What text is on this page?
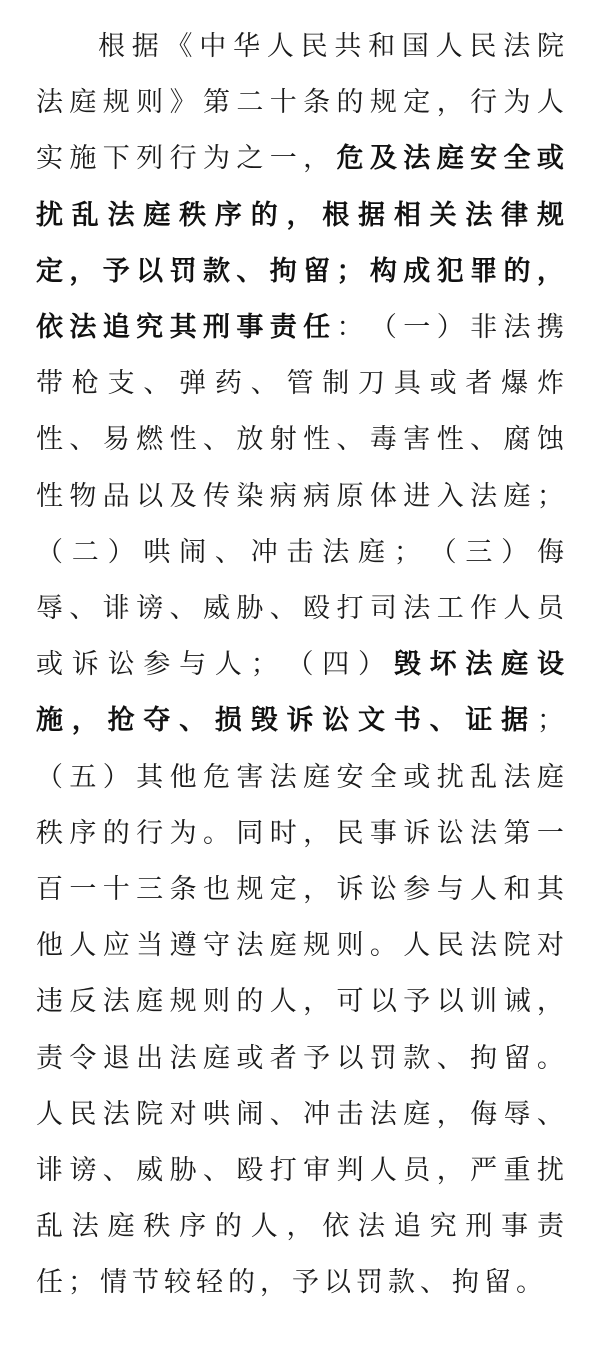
根 据 《 中 华 人 民 共 和 国 人 民 法 院
法 庭 规 则 》 第 二 十 条 的 规 定 ， 行 为 人
实 施 下 列 行 为 之 一 ， 危 及 法 庭 安 全 或
扰 乱 法 庭 秩 序 的 ， 根 据 相 关 法 律 规
定 ， 予 以 罚 款 、 拘 留 ； 构 成 犯 罪 的 ，
依 法 追 究 其 刑 事 责 任 ： （ 一 ） 非 法 携
带 枪 支 、 弹 药 、 管 制 刀 具 或 者 爆 炸
性 、 易 燃 性 、 放 射 性 、 毒 害 性 、 腐 蚀
性 物 品 以 及 传 染 病 病 原 体 进 入 法 庭 ；
（ 二 ） 哄 闹 、 冲 击 法 庭 ； （ 三 ） 侮
辱 、 诽 谤 、 威 胁 、 殴 打 司 法 工 作 人 员
或 诉 讼 参 与 人 ； （ 四 ） 毁 坏 法 庭 设
施 ， 抢 夺 、 损 毁 诉 讼 文 书 、 证 据 ；
（ 五 ） 其 他 危 害 法 庭 安 全 或 扰 乱 法 庭
秩 序 的 行 为 。 同 时 ， 民 事 诉 讼 法 第 一
百 一 十 三 条 也 规 定 ， 诉 讼 参 与 人 和 其
他 人 应 当 遵 守 法 庭 规 则 。 人 民 法 院 对
违 反 法 庭 规 则 的 人 ， 可 以 予 以 训 诫 ，
责 令 退 出 法 庭 或 者 予 以 罚 款 、 拘 留 。
人 民 法 院 对 哄 闹 、 冲 击 法 庭 ， 侮 辱 、
诽 谤 、 威 胁 、 殴 打 审 判 人 员 ， 严 重 扰
乱 法 庭 秩 序 的 人 ， 依 法 追 究 刑 事 责
任 ； 情 节 较 轻 的 ， 予 以 罚 款 、 拘 留 。
